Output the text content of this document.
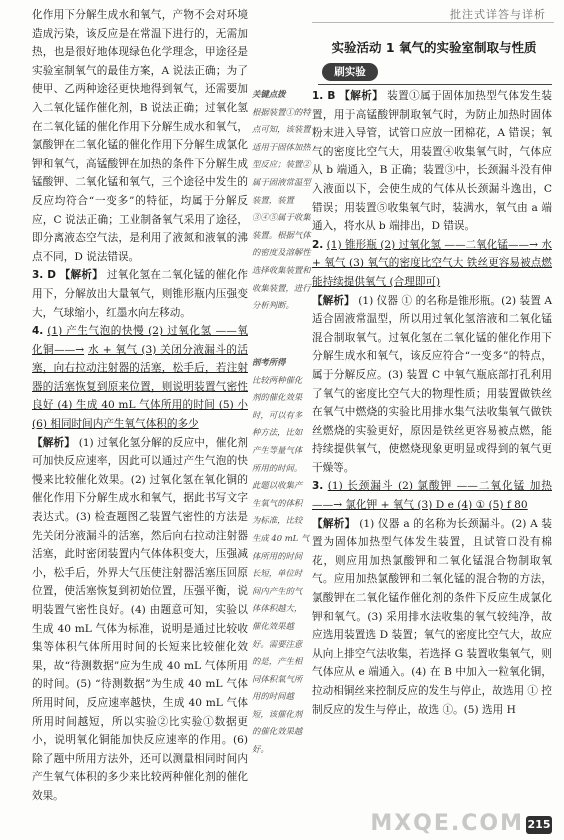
批注式详答与详析

化作用下分解生成水和氧气，产物不会对环境造成污染，该反应是在常温下进行的，无需加热，也是很好地体现绿色化学理念，甲途径是实验室制氧气的最佳方案，A 说法正确；为了使甲、乙两种途径更快地得到氧气，还需要加入二氧化锰作催化剂，B 说法正确；过氧化氢在二氧化锰的催化作用下分解生成水和氧气，氯酸钾在二氧化锰的催化作用下分解生成氯化钾和氧气，高锰酸钾在加热的条件下分解生成锰酸钾、二氧化锰和氧气，三个途径中发生的反应均符合“一变多”的特征，均属于分解反应，C 说法正确；工业制备氧气采用了途径，即分离液态空气法，是利用了液氮和液氧的沸点不同，D 说法错误。

3. D 【解析】 过氧化氢在二氧化锰的催化作用下，分解放出大量氧气，则锥形瓶内压强变大，气球缩小，红墨水向左移动。

4. (1) 产生气泡的快慢 (2) 过氧化氢 ——氧化铜——→ 水 + 氧气 (3) 关闭分液漏斗的活塞，向右拉动注射器的活塞，松手后，若注射器的活塞恢复到原来位置，则说明装置气密性良好 (4) 生成 40 mL 气体所用的时间 (5) 小 (6) 相同时间内产生氧气体积的多少

【解析】 (1) 过氧化氢分解的反应中，催化剂可加快反应速率，因此可以通过产生气泡的快慢来比较催化效果。(2) 过氧化氢在氧化铜的催化作用下分解生成水和氧气，据此书写文字表达式。(3) 检查题图乙装置气密性的方法是先关闭分液漏斗的活塞，然后向右拉动注射器活塞，此时密闭装置内气体体积变大，压强减小，松手后，外界大气压使注射器活塞压回原位置，使活塞恢复到初始位置，压强平衡，说明装置气密性良好。(4) 由题意可知，实验以生成 40 mL 气体为标准，说明是通过比较收集等体积气体所用时间的长短来比较催化效果，故“待测数据”应为生成 40 mL 气体所用的时间。(5) “待测数据”为生成 40 mL 气体所用时间，反应速率越快，生成 40 mL 气体所用时间越短，所以实验②比实验①数据更小，说明氧化铜能加快反应速率的作用。(6) 除了题中所用方法外，还可以测量相同时间内产生氧气体积的多少来比较两种催化剂的催化效果。

关键点拨
根据装置①的特点可知，该装置适用于固体加热型反应；装置②属于固液常温型装置，装置③④⑤属于收集装置。根据气体的密度及溶解性选择收集装置和收集装置，进行分析判断。
剖考所得
比较两种催化剂的催化效果时，可以有多种方法，比如产生等量气体所用的时间。此题以收集产生氧气的体积为标准，比较生成 40 mL 气体所用的时间长短，单位时间内产生的气体体积越大，催化效果越好。需要注意的是，产生相同体积氧气所用的时间越短，该催化剂的催化效果越好。
实验活动 1 氧气的实验室制取与性质
刷实验

1. B 【解析】 装置①属于固体加热型气体发生装置，用于高锰酸钾制取氧气时，为防止加热时固体粉末进入导管，试管口应放一团棉花，A 错误；氧气的密度比空气大，用装置④收集氧气时，气体应从 b 端通入，B 正确；装置③中，长颈漏斗没有伸入液面以下，会使生成的气体从长颈漏斗逸出，C 错误；用装置⑤收集氧气时，装满水，氧气由 a 端通入，将水从 b 端排出，D 错误。

2. (1) 锥形瓶 (2) 过氧化氢 ——二氧化锰——→ 水 + 氧气 (3) 氧气的密度比空气大 铁丝更容易被点燃 能持续提供氧气 (合理即可)

【解析】 (1) 仪器 ① 的名称是锥形瓶。(2) 装置 A 适合固液常温型，所以用过氧化氢溶液和二氧化锰混合制取氧气。过氧化氢在二氧化锰的催化作用下分解生成水和氧气，该反应符合“一变多”的特点，属于分解反应。(3) 装置 C 中氧气瓶底部打孔利用了氧气的密度比空气大的物理性质；用装置做铁丝在氧气中燃烧的实验比用排水集气法收集氧气做铁丝燃烧的实验更好，原因是铁丝更容易被点燃，能持续提供氧气，使燃烧现象更明显或得到的氧气更干燥等。

3. (1) 长颈漏斗 (2) 氯酸钾 ——二氧化锰 加热——→ 氯化钾 + 氧气 (3) D e (4) ① (5) f 80

【解析】 (1) 仪器 a 的名称为长颈漏斗。(2) A 装置为固体加热型气体发生装置，且试管口没有棉花，则应用加热氯酸钾和二氧化锰混合物制取氧气。应用加热氯酸钾和二氧化锰的混合物的方法，氯酸钾在二氧化锰作催化剂的条件下反应生成氯化钾和氧气。(3) 采用排水法收集的氧气较纯净，故应选用装置选 D 装置；氧气的密度比空气大，故应从向上排空气法收集，若选择 G 装置收集氧气，则气体应从 e 端通入。(4) 在 B 中加入一粒氧化铜，拉动相铜丝来控制反应的发生与停止，故选用 ① 控制反应的发生与停止，故选 ①。(5) 选用 H

MXQE.COM 215
